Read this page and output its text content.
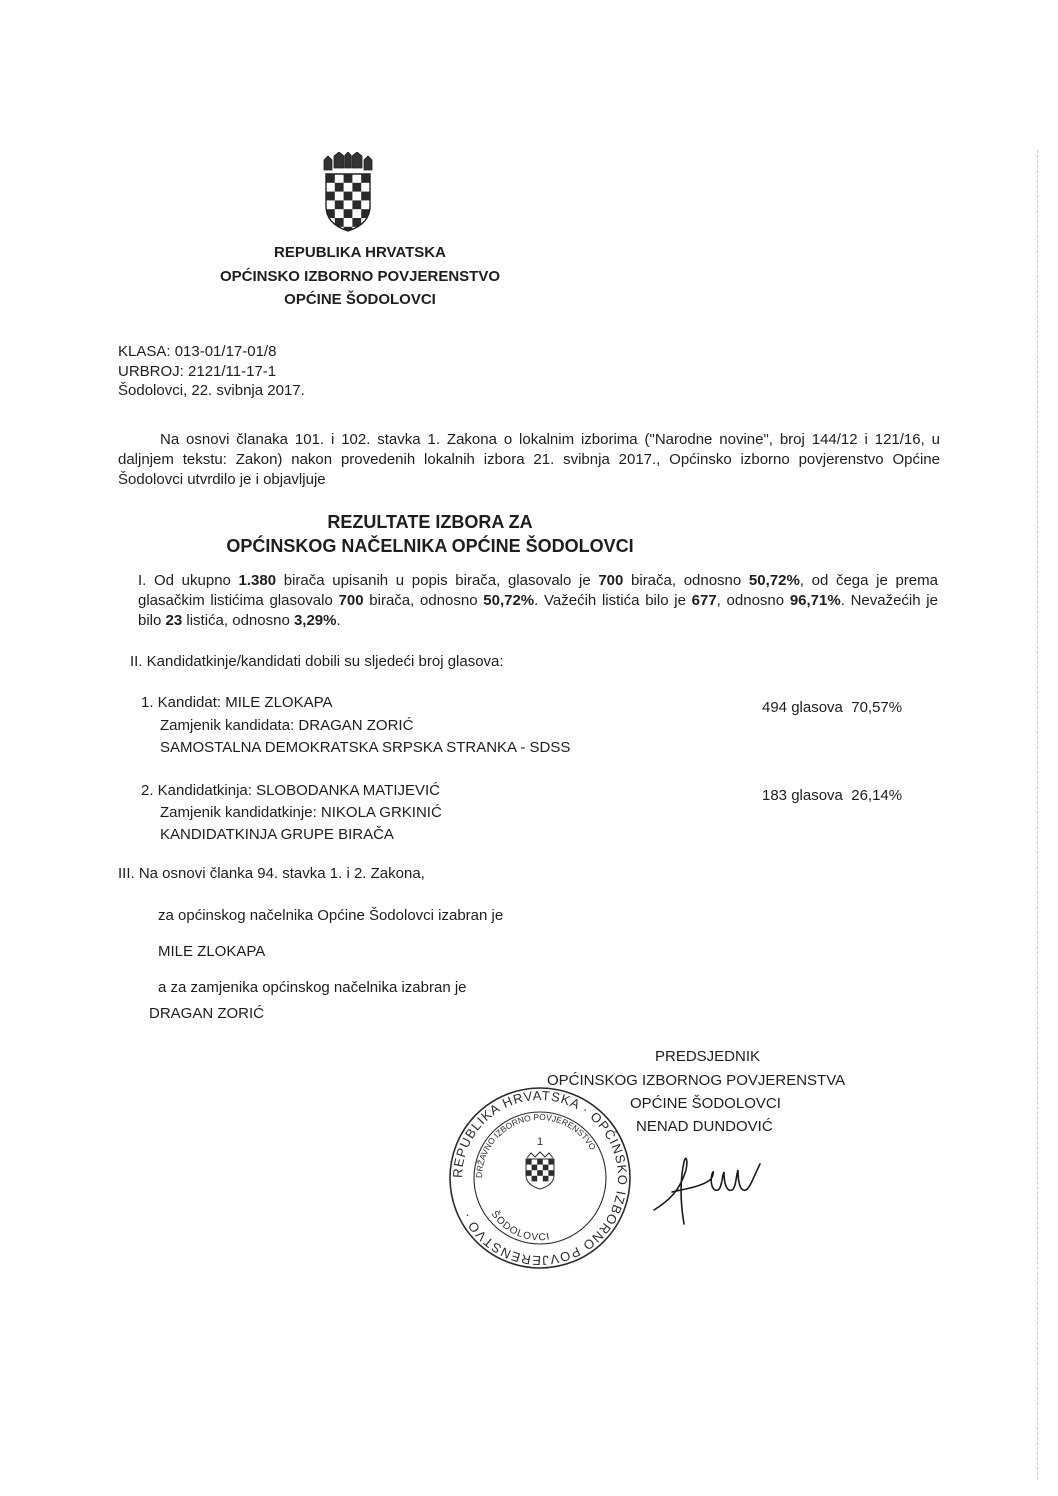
REPUBLIKA HRVATSKA
OPĆINSKO IZBORNO POVJERENSTVO
OPĆINE ŠODOLOVCI
KLASA: 013-01/17-01/8
URBROJ: 2121/11-17-1
Šodolovci, 22. svibnja 2017.
Na osnovi članaka 101. i 102. stavka 1. Zakona o lokalnim izborima ("Narodne novine", broj 144/12 i 121/16, u daljnjem tekstu: Zakon) nakon provedenih lokalnih izbora 21. svibnja 2017., Općinsko izborno povjerenstvo Općine Šodolovci utvrdilo je i objavljuje
REZULTATE IZBORA ZA
OPĆINSKOG NAČELNIKA OPĆINE ŠODOLOVCI
I. Od ukupno 1.380 birača upisanih u popis birača, glasovalo je 700 birača, odnosno 50,72%, od čega je prema glasačkim listićima glasovalo 700 birača, odnosno 50,72%. Važećih listića bilo je 677, odnosno 96,71%. Nevažećih je bilo 23 listića, odnosno 3,29%.
II. Kandidatkinje/kandidati dobili su sljedeći broj glasova:
1. Kandidat: MILE ZLOKAPA
Zamjenik kandidata: DRAGAN ZORIĆ
SAMOSTALNA DEMOKRATSKA SRPSKA STRANKA - SDSS
494 glasova  70,57%
2. Kandidatkinja: SLOBODANKA MATIJEVIĆ
Zamjenik kandidatkinje: NIKOLA GRKINIĆ
KANDIDATKINJA GRUPE BIRAČA
183 glasova  26,14%
III. Na osnovi članka 94. stavka 1. i 2. Zakona,
za općinskog načelnika Općine Šodolovci izabran je
MILE ZLOKAPA
a za zamjenika općinskog načelnika izabran je
DRAGAN ZORIĆ
PREDSJEDNIK
OPĆINSKOG IZBORNOG POVJERENSTVA
OPĆINE ŠODOLOVCI
NENAD DUNDOVIĆ
REPUBLIKA HRVATSKA · OPĆINSKO IZBORNO POVJERENSTVO ·
DRŽAVNO IZBORNO POVJERENSTVO
1
ŠODOLOVCI
